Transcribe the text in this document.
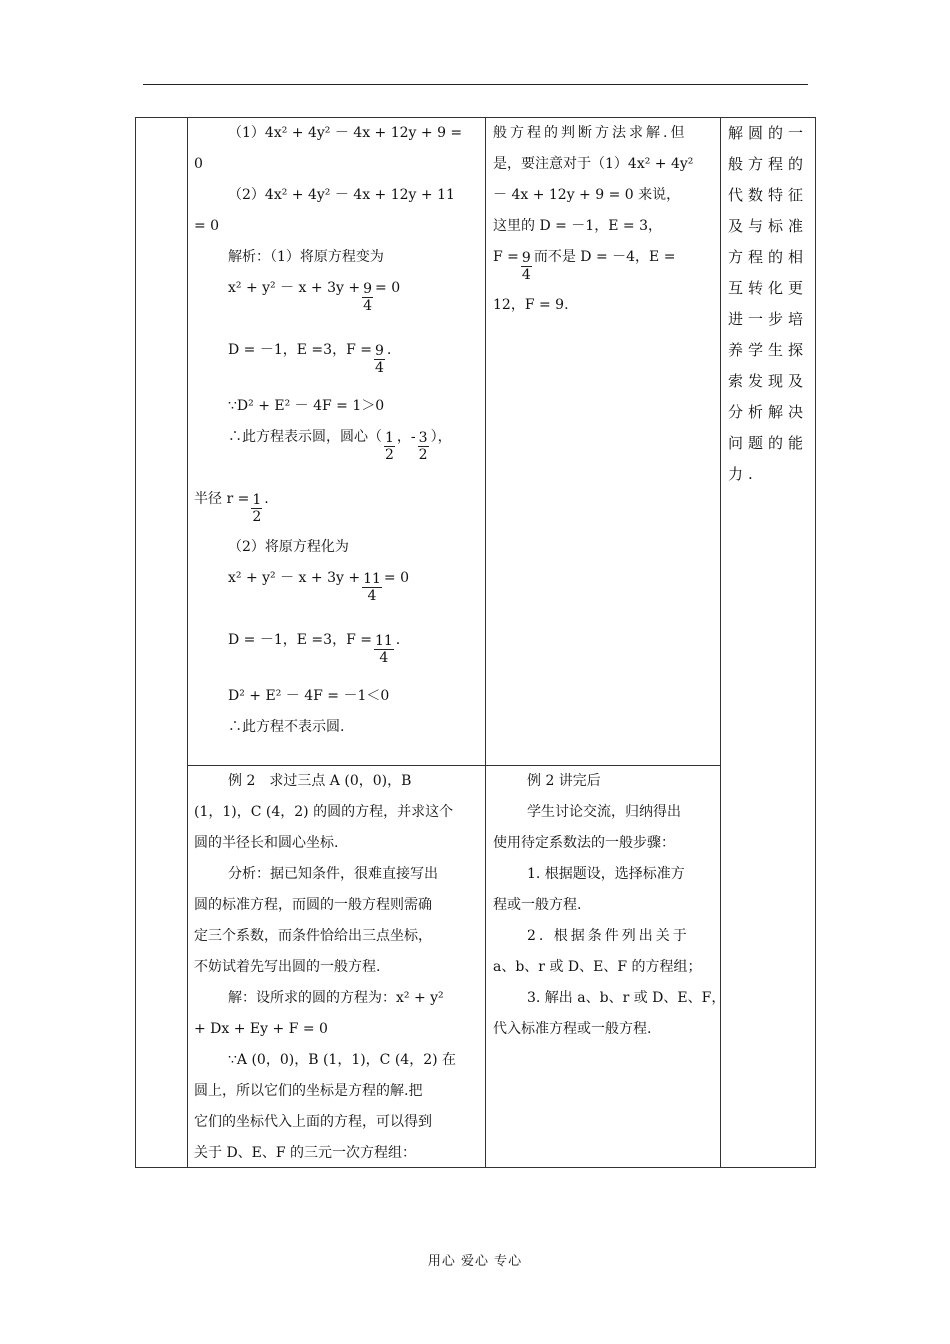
（1）4x² + 4y² － 4x + 12y + 9 =
0
（2）4x² + 4y² － 4x + 12y + 11
= 0
解析：（1）将原方程变为
$x^2 + y^2 - x + 3y + \frac{9}{4} = 0$
D = －1，E =3，$F = \frac{9}{4}$ .
∵D² + E² － 4F = 1＞0
∴此方程表示圆，圆心（ $\frac{1}{2}$ ，- $\frac{3}{2}$ ），
半径 $r = \frac{1}{2}$ .
（2）将原方程化为
$x^2 + y^2 - x + 3y + \frac{11}{4} = 0$
D = －1，E =3，$F = \frac{11}{4}$ .
D² + E² － 4F = －1＜0
∴此方程不表示圆.
般方程的判断方法求解.但
是，要注意对于（1）4x² + 4y²
－ 4x + 12y + 9 = 0 来说，
这里的 D = －1，E = 3，
$F = \frac{9}{4}$ 而不是 D = －4，E =
12，F = 9.
解圆的一
般方程的
代数特征
及与标准
方程的相
互转化更
进一步培
养学生探
索发现及
分析解决
问题的能
力.
例 2　求过三点 A (0，0)，B
(1，1)，C (4，2) 的圆的方程，并求这个
圆的半径长和圆心坐标.
分析：据已知条件，很难直接写出
圆的标准方程，而圆的一般方程则需确
定三个系数，而条件恰给出三点坐标，
不妨试着先写出圆的一般方程.
解：设所求的圆的方程为：x² + y²
+ Dx + Ey + F = 0
∵A (0，0)，B (1，1)，C (4，2) 在
圆上，所以它们的坐标是方程的解.把
它们的坐标代入上面的方程，可以得到
关于 D、E、F 的三元一次方程组：
例 2 讲完后
学生讨论交流，归纳得出
使用待定系数法的一般步骤：
1. 根据题设，选择标准方
程或一般方程.
2. 根据条件列出关于
a、b、r 或 D、E、F 的方程组；
3. 解出 a、b、r 或 D、E、F，
代入标准方程或一般方程.
用心 爱心 专心
